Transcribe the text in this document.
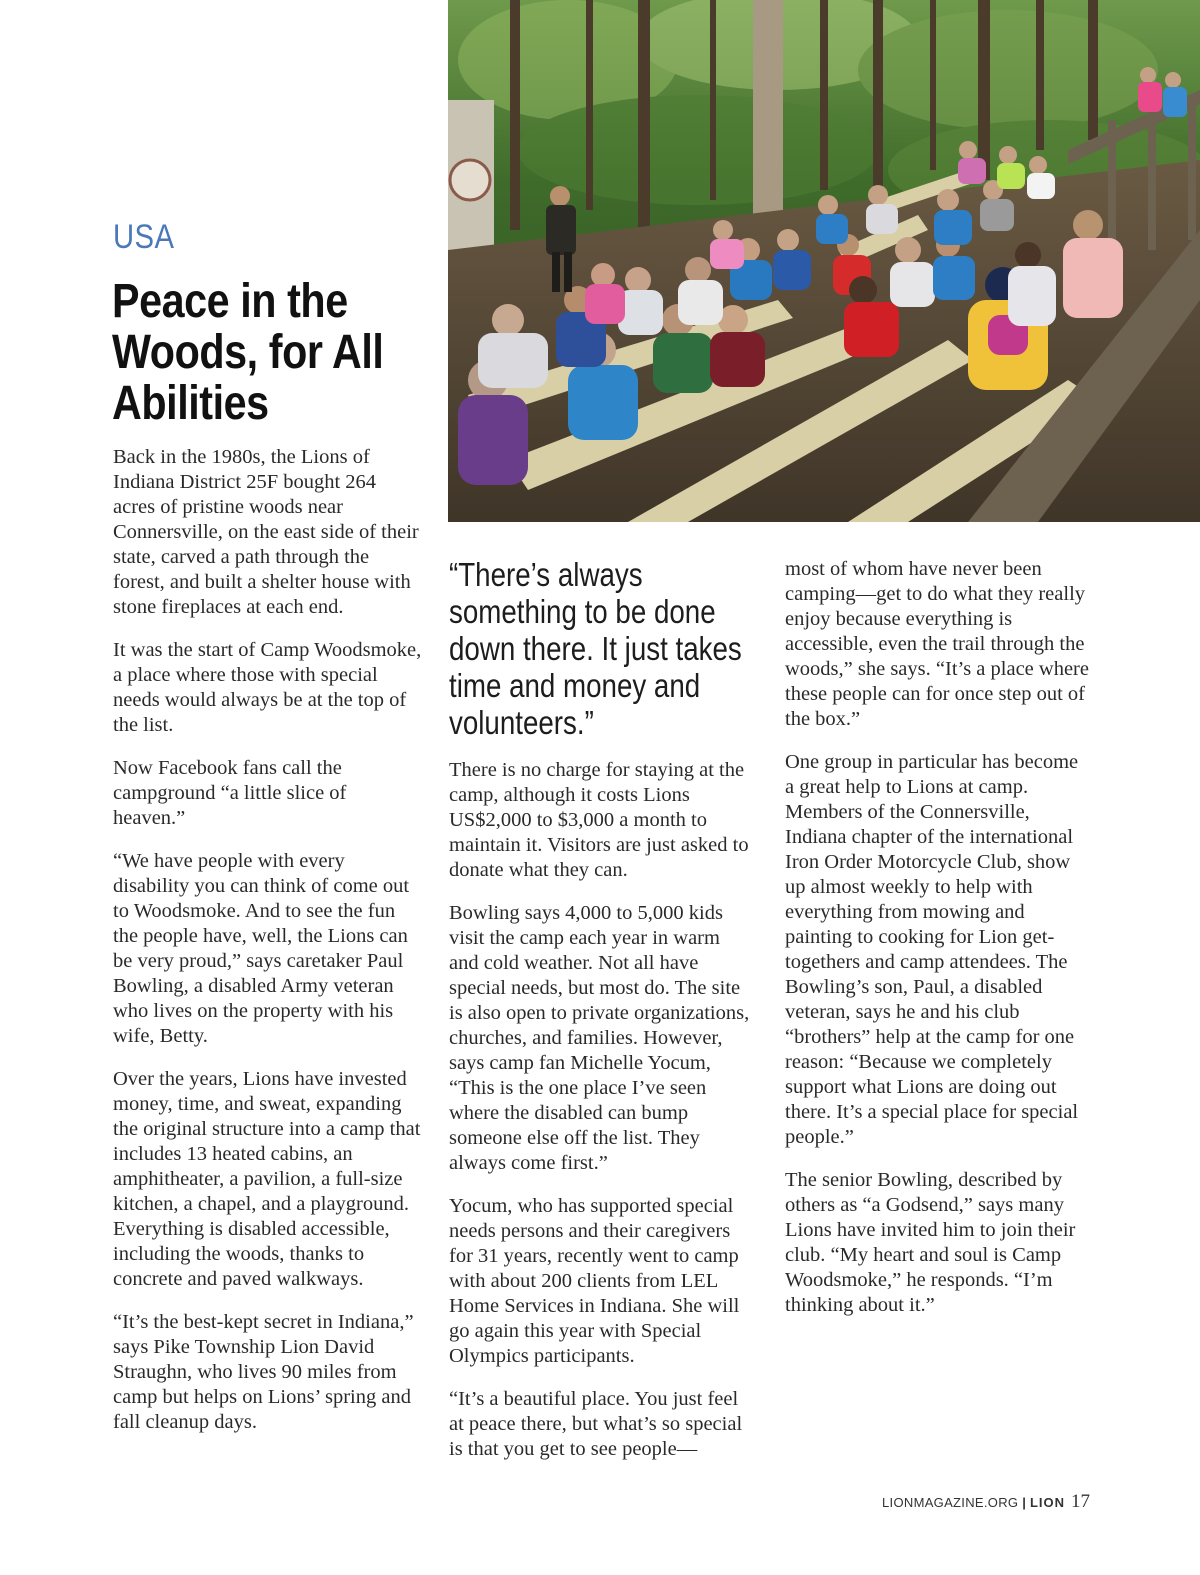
USA
Peace in the Woods, for All Abilities

Back in the 1980s, the Lions of Indiana District 25F bought 264 acres of pristine woods near Connersville, on the east side of their state, carved a path through the forest, and built a shelter house with stone fireplaces at each end.

It was the start of Camp Woodsmoke, a place where those with special needs would always be at the top of the list.

Now Facebook fans call the campground “a little slice of heaven.”

“We have people with every disability you can think of come out to Woodsmoke. And to see the fun the people have, well, the Lions can be very proud,” says caretaker Paul Bowling, a disabled Army veteran who lives on the property with his wife, Betty.

Over the years, Lions have invested money, time, and sweat, expanding the original structure into a camp that includes 13 heated cabins, an amphitheater, a pavilion, a full-size kitchen, a chapel, and a playground. Everything is disabled accessible, including the woods, thanks to concrete and paved walkways.

“It’s the best-kept secret in Indiana,” says Pike Township Lion David Straughn, who lives 90 miles from camp but helps on Lions’ spring and fall cleanup days.

“There’s always something to be done down there. It just takes time and money and volunteers.”

There is no charge for staying at the camp, although it costs Lions US$2,000 to $3,000 a month to maintain it. Visitors are just asked to donate what they can.

Bowling says 4,000 to 5,000 kids visit the camp each year in warm and cold weather. Not all have special needs, but most do. The site is also open to private organizations, churches, and families. However, says camp fan Michelle Yocum, “This is the one place I’ve seen where the disabled can bump someone else off the list. They always come first.”

Yocum, who has supported special needs persons and their caregivers for 31 years, recently went to camp with about 200 clients from LEL Home Services in Indiana. She will go again this year with Special Olympics participants.

“It’s a beautiful place. You just feel at peace there, but what’s so special is that you get to see people—

most of whom have never been camping—get to do what they really enjoy because everything is accessible, even the trail through the woods,” she says. “It’s a place where these people can for once step out of the box.”

One group in particular has become a great help to Lions at camp. Members of the Connersville, Indiana chapter of the international Iron Order Motorcycle Club, show up almost weekly to help with everything from mowing and painting to cooking for Lion get-togethers and camp attendees. The Bowling’s son, Paul, a disabled veteran, says he and his club “brothers” help at the camp for one reason: “Because we completely support what Lions are doing out there. It’s a special place for special people.”

The senior Bowling, described by others as “a Godsend,” says many Lions have invited him to join their club. “My heart and soul is Camp Woodsmoke,” he responds. “I’m thinking about it.”

LIONMAGAZINE.ORG | LION 17
